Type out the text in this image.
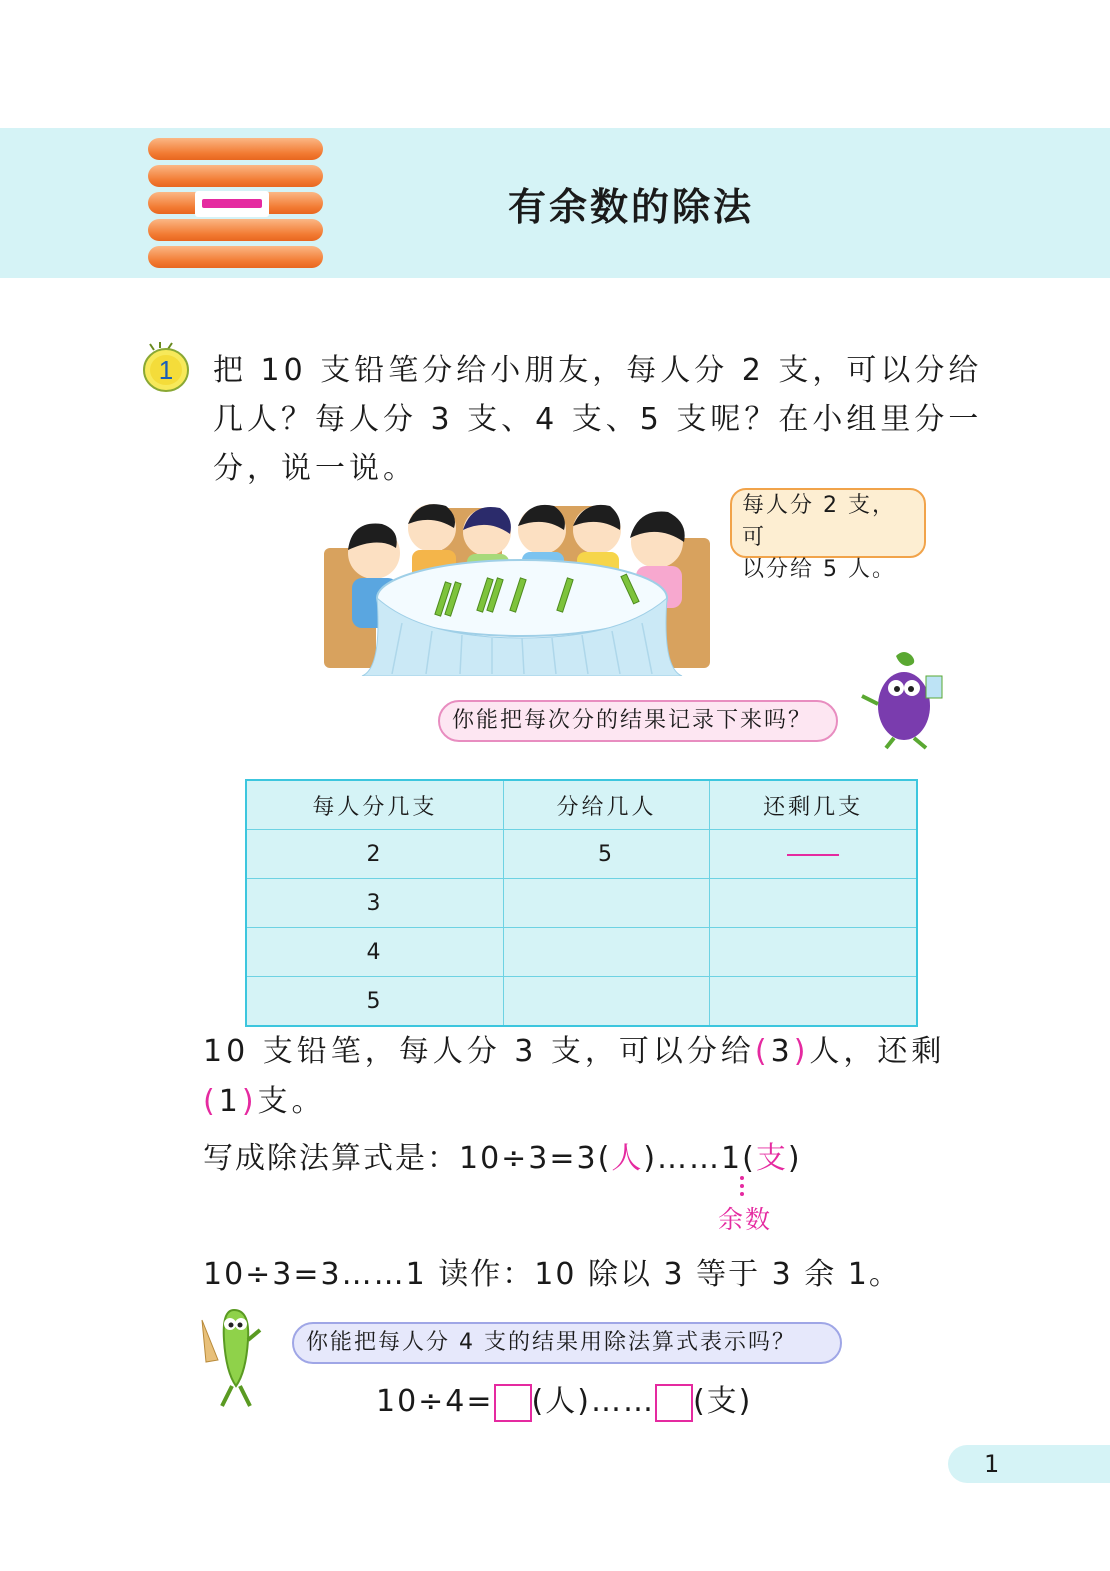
有余数的除法
1 把 10 支铅笔分给小朋友，每人分 2 支，可以分给
几人？每人分 3 支、4 支、5 支呢？在小组里分一
分，说一说。
每人分 2 支，可
以分给 5 人。
你能把每次分的结果记录下来吗？
每人分几支	分给几人	还剩几支
2	5	
3		
4		
5		
10 支铅笔，每人分 3 支，可以分给(3)人，还剩
(1)支。
写成除法算式是：10÷3=3(人)……1(支)
余数
10÷3=3……1 读作：10 除以 3 等于 3 余 1。
你能把每人分 4 支的结果用除法算式表示吗？
10÷4= (人)…… (支)
1
